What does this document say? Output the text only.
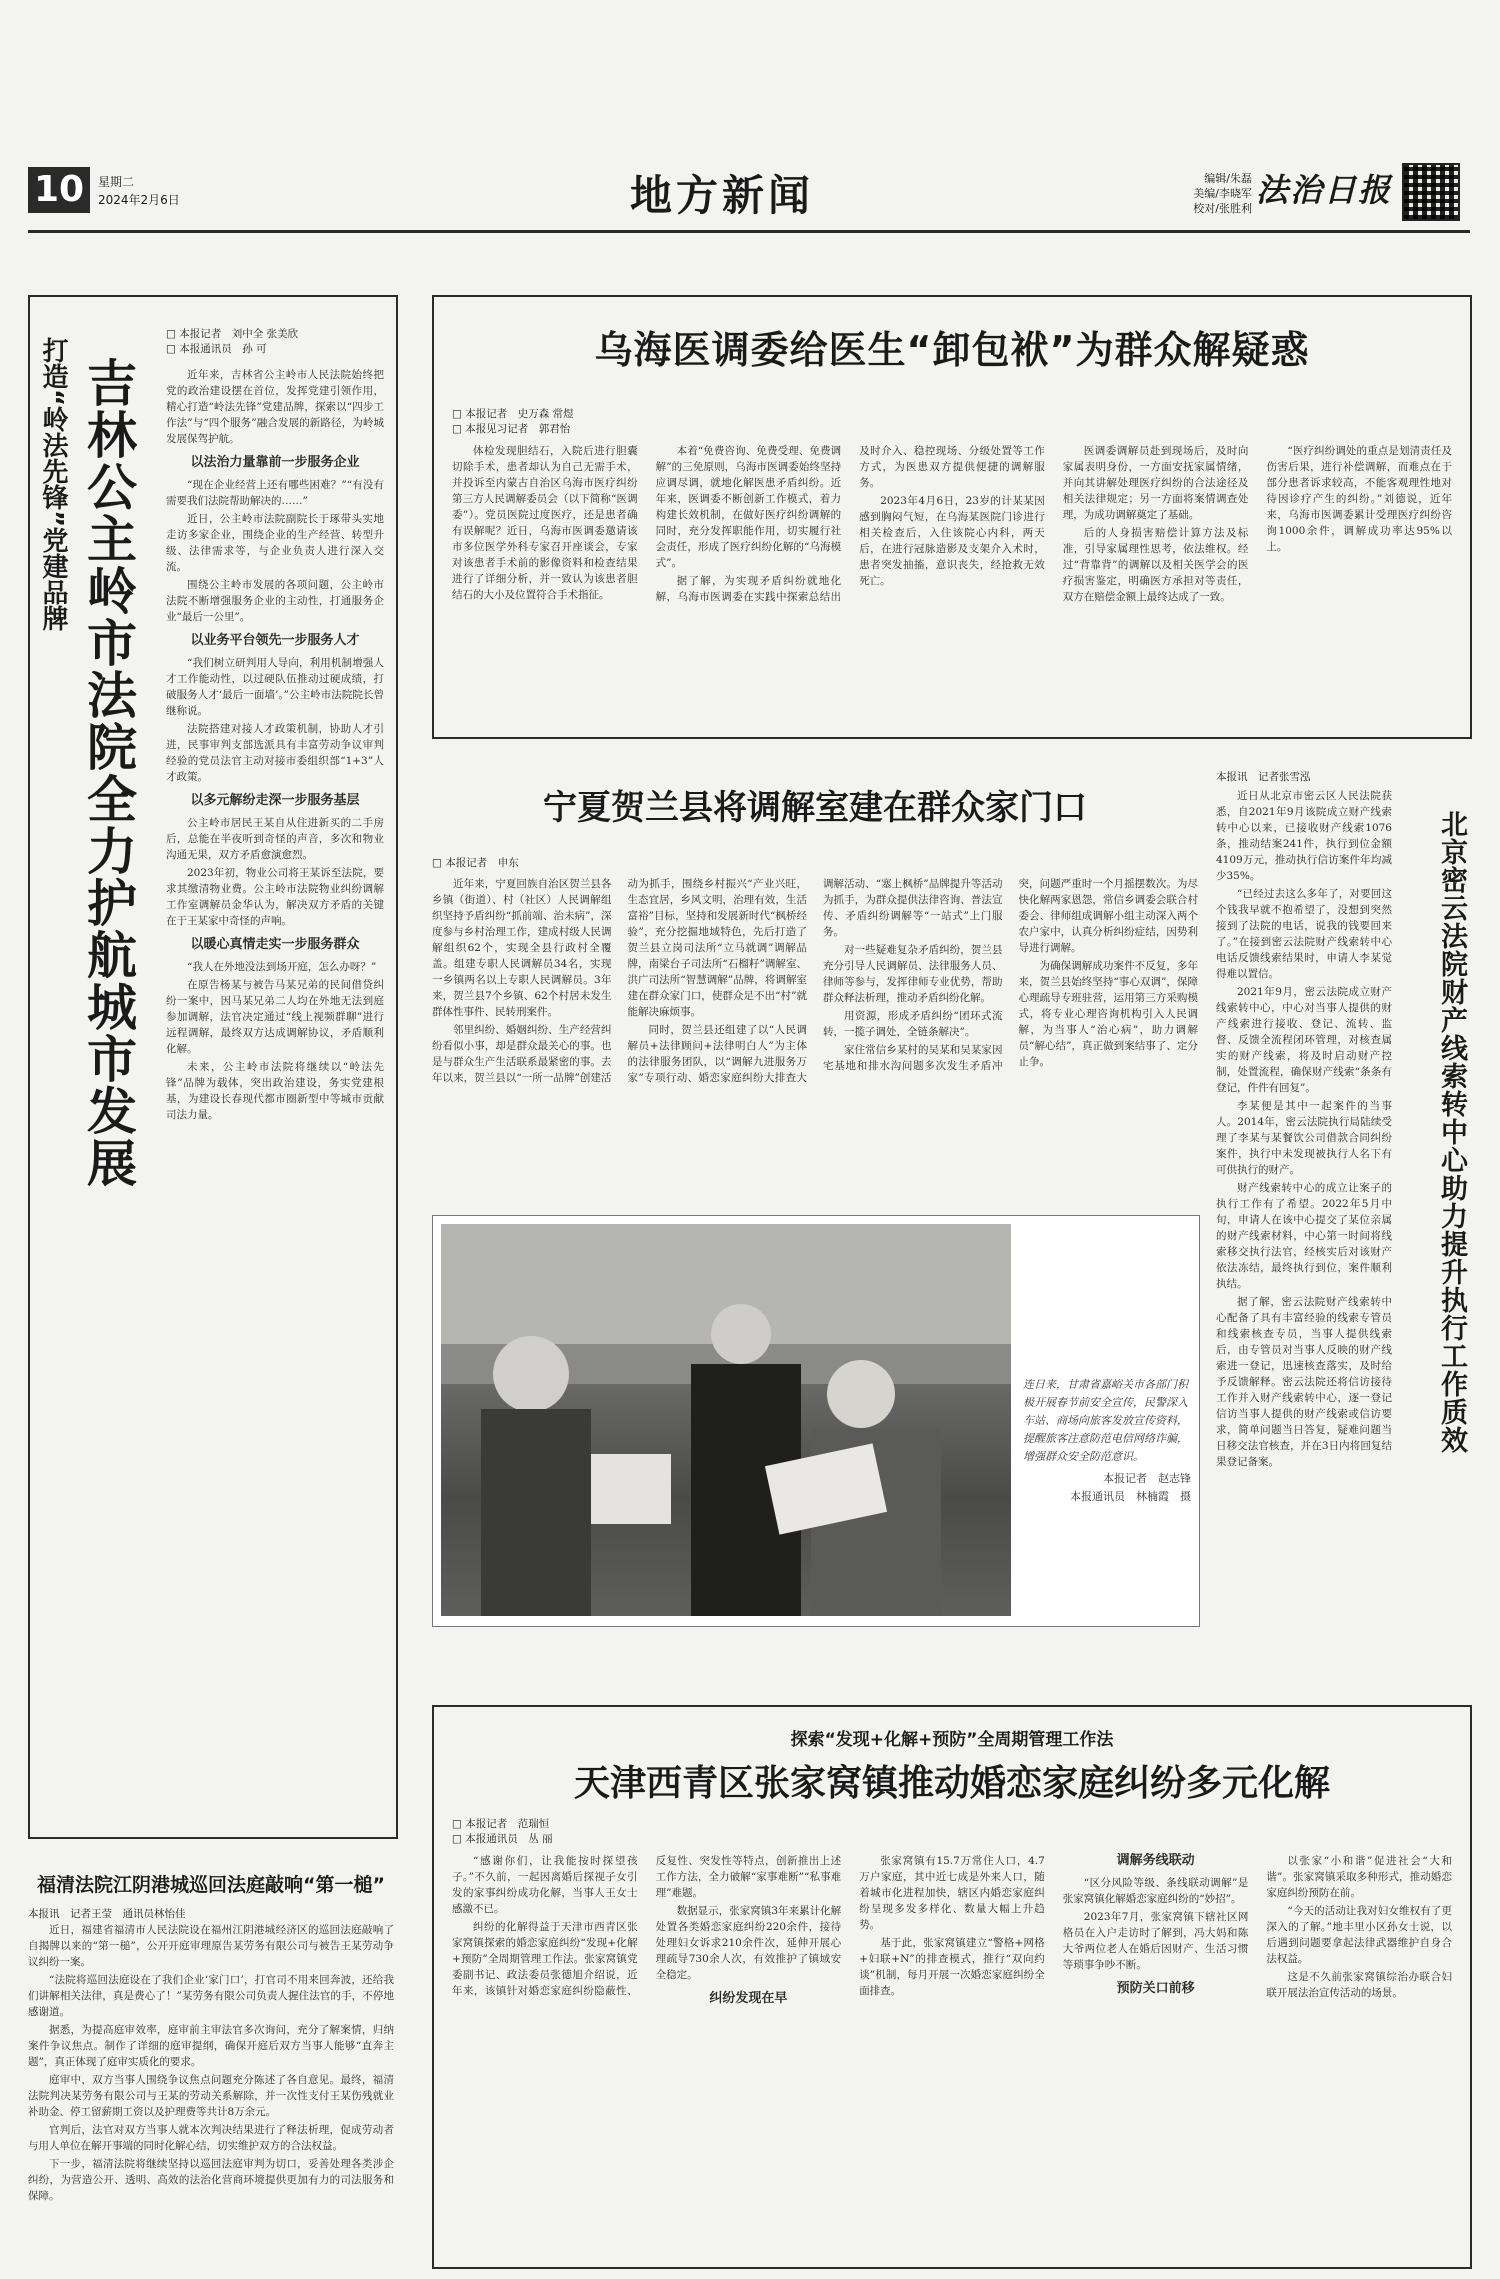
10	星期二
2024年2月6日	地方新闻	编辑/朱磊
美编/李晓军
校对/张胜利 法治日报
打造“岭法先锋”党建品牌 吉林公主岭市法院全力护航城市发展
□ 本报记者　刘中全 张美欣
□ 本报通讯员　孙 可

近年来，吉林省公主岭市人民法院始终把党的政治建设摆在首位，发挥党建引领作用，精心打造“岭法先锋”党建品牌，探索以“四步工作法”与“四个服务”融合发展的新路径，为岭城发展保驾护航。

以法治力量靠前一步服务企业

“现在企业经营上还有哪些困难？”“有没有需要我们法院帮助解决的……”

近日，公主岭市法院副院长于琢带头实地走访多家企业，围绕企业的生产经营、转型升级、法律需求等，与企业负责人进行深入交流。

围绕公主岭市发展的各项问题，公主岭市法院不断增强服务企业的主动性，打通服务企业“最后一公里”。

以业务平台领先一步服务人才

“我们树立研判用人导向，利用机制增强人才工作能动性，以过硬队伍推动过硬成绩，打破服务人才‘最后一面墙’。”公主岭市法院院长曾继称说。

法院搭建对接人才政策机制，协助人才引进，民事审判支部选派具有丰富劳动争议审判经验的党员法官主动对接市委组织部“1+3”人才政策。

以多元解纷走深一步服务基层

公主岭市居民王某自从住进新买的二手房后，总能在半夜听到奇怪的声音，多次和物业沟通无果，双方矛盾愈演愈烈。

2023年初，物业公司将王某诉至法院，要求其缴清物业费。公主岭市法院物业纠纷调解工作室调解员金华认为，解决双方矛盾的关键在于王某家中奇怪的声响。

以暖心真情走实一步服务群众

“我人在外地没法到场开庭，怎么办呀？”

在原告杨某与被告马某兄弟的民间借贷纠纷一案中，因马某兄弟二人均在外地无法到庭参加调解，法官决定通过“线上视频群聊”进行远程调解，最终双方达成调解协议，矛盾顺利化解。

未来，公主岭市法院将继续以“岭法先锋”品牌为载体，突出政治建设，务实党建根基，为建设长春现代都市圈新型中等城市贡献司法力量。

福清法院江阴港城巡回法庭敲响“第一槌”
本报讯　记者王莹　通讯员林怡佳

近日，福建省福清市人民法院设在福州江阴港城经济区的巡回法庭敲响了自揭牌以来的“第一槌”，公开开庭审理原告某劳务有限公司与被告王某劳动争议纠纷一案。

“法院将巡回法庭设在了我们企业‘家门口’，打官司不用来回奔波，还给我们讲解相关法律，真是费心了！”某劳务有限公司负责人握住法官的手，不停地感谢道。

据悉，为提高庭审效率，庭审前主审法官多次询问，充分了解案情，归纳案件争议焦点。制作了详细的庭审提纲，确保开庭后双方当事人能够“直奔主题”，真正体现了庭审实质化的要求。

庭审中，双方当事人围绕争议焦点问题充分陈述了各自意见。最终，福清法院判决某劳务有限公司与王某的劳动关系解除，并一次性支付王某伤残就业补助金、停工留薪期工资以及护理费等共计8万余元。

官判后，法官对双方当事人就本次判决结果进行了释法析理，促成劳动者与用人单位在解开事端的同时化解心结，切实维护双方的合法权益。

下一步，福清法院将继续坚持以巡回法庭审判为切口，妥善处理各类涉企纠纷，为营造公开、透明、高效的法治化营商环境提供更加有力的司法服务和保障。

乌海医调委给医生“卸包袱”为群众解疑惑
□ 本报记者　史万森 常煜
□ 本报见习记者　郭君怡

体检发现胆结石，入院后进行胆囊切除手术，患者却认为自己无需手术，并投诉至内蒙古自治区乌海市医疗纠纷第三方人民调解委员会（以下简称“医调委”）。党员医院过度医疗，还是患者确有误解呢？近日，乌海市医调委邀请该市多位医学外科专家召开座谈会，专家对该患者手术前的影像资料和检查结果进行了详细分析，并一致认为该患者胆结石的大小及位置符合手术指征。

本着“免费咨询、免费受理、免费调解”的三免原则，乌海市医调委始终坚持应调尽调，就地化解医患矛盾纠纷。近年来，医调委不断创新工作模式，着力构建长效机制，在做好医疗纠纷调解的同时，充分发挥职能作用，切实履行社会责任，形成了医疗纠纷化解的“乌海模式”。

据了解，为实现矛盾纠纷就地化解，乌海市医调委在实践中探索总结出及时介入、稳控现场、分级处置等工作方式，为医患双方提供便捷的调解服务。

2023年4月6日，23岁的计某某因感到胸闷气短，在乌海某医院门诊进行相关检查后，入住该院心内科，两天后，在进行冠脉造影及支架介入术时，患者突发抽搐，意识丧失，经抢救无效死亡。

医调委调解员赴到现场后，及时向家属表明身份，一方面安抚家属情绪，并向其讲解处理医疗纠纷的合法途径及相关法律规定；另一方面将案情调查处理，为成功调解奠定了基础。

后的人身损害赔偿计算方法及标准，引导家属理性思考，依法维权。经过“背靠背”的调解以及相关医学会的医疗损害鉴定，明确医方承担对等责任，双方在赔偿金额上最终达成了一致。

“医疗纠纷调处的重点是划清责任及伤害后果，进行补偿调解，而难点在于部分患者诉求较高，不能客观理性地对待因诊疗产生的纠纷。”刘德说，近年来，乌海市医调委累计受理医疗纠纷咨询1000余件，调解成功率达95%以上。

宁夏贺兰县将调解室建在群众家门口
□ 本报记者　申东

近年来，宁夏回族自治区贺兰县各乡镇（街道）、村（社区）人民调解组织坚持予盾纠纷“抓前端、治未病”，深度参与乡村治理工作，建成村级人民调解组织62个，实现全县行政村全覆盖。组建专职人民调解员34名，实现一乡镇两名以上专职人民调解员。3年来，贺兰县7个乡镇、62个村居未发生群体性事件、民转刑案件。

邻里纠纷、婚姻纠纷、生产经营纠纷看似小事，却是群众最关心的事。也是与群众生产生活联系最紧密的事。去年以来，贺兰县以“一所一品牌”创建活动为抓手，围绕乡村振兴“产业兴旺，生态宜居，乡风文明，治理有效，生活富裕”目标，坚持和发展新时代“枫桥经验”，充分挖掘地域特色，先后打造了贺兰县立岗司法所“立马就调”调解品牌，南梁台子司法所“石榴籽”调解室、洪广司法所“智慧调解”品牌，将调解室建在群众家门口，使群众足不出“村”就能解决麻烦事。

同时，贺兰县还组建了以“人民调解员+法律顾问+法律明白人”为主体的法律服务团队，以“调解九进服务万家”专项行动、婚恋家庭纠纷大排查大调解活动、“塞上枫桥”品牌提升等活动为抓手，为群众提供法律咨询、普法宣传、矛盾纠纷调解等“一站式”上门服务。

对一些疑难复杂矛盾纠纷，贺兰县充分引导人民调解员、法律服务人员、律师等参与，发挥律师专业优势，帮助群众释法析理，推动矛盾纠纷化解。

用资源，形成矛盾纠纷“团环式流转，一揽子调处，全链条解决”。

家住常信乡某村的吴某和吴某家因宅基地和排水沟问题多次发生矛盾冲突，问题严重时一个月摇摆数次。为尽快化解两家恩怨，常信乡调委会联合村委会、律师组成调解小组主动深入两个农户家中，认真分析纠纷症结，因势利导进行调解。

为确保调解成功案件不反复，多年来，贺兰县始终坚持“事心双调”，保障心理疏导专班驻营，运用第三方采购模式，将专业心理咨询机构引入人民调解，为当事人“治心病”，助力调解员“解心结”，真正做到案结事了、定分止争。

连日来，甘肃省嘉峪关市各部门积极开展春节前安全宣传，民警深入车站、商场向旅客发放宣传资料，提醒旅客注意防范电信网络诈骗，增强群众安全防范意识。
本报记者　赵志锋
本报通讯员　林楠霞　摄
北京密云法院财产线索转中心助力提升执行工作质效
本报讯　记者张雪泓

近日从北京市密云区人民法院获悉，自2021年9月该院成立财产线索转中心以来，已接收财产线索1076条，推动结案241件，执行到位金额4109万元，推动执行信访案件年均减少35%。

“已经过去这么多年了，对要回这个钱我早就不抱希望了，没想到突然接到了法院的电话，说我的钱要回来了。”在接到密云法院财产线索转中心电话反馈线索结果时，申请人李某觉得难以置信。

2021年9月，密云法院成立财产线索转中心，中心对当事人提供的财产线索进行接收、登记、流转、监督、反馈全流程闭环管理，对核查属实的财产线索，将及时启动财产控制，处置流程，确保财产线索“条条有登记，件件有回复”。

李某便是其中一起案件的当事人。2014年，密云法院执行局陆续受理了李某与某餐饮公司借款合同纠纷案件，执行中未发现被执行人名下有可供执行的财产。

财产线索转中心的成立让案子的执行工作有了希望。2022年5月中旬，申请人在该中心提交了某位亲属的财产线索材料，中心第一时间将线索移交执行法官，经核实后对该财产依法冻结，最终执行到位，案件顺利执结。

据了解，密云法院财产线索转中心配备了具有丰富经验的线索专管员和线索核查专员，当事人提供线索后，由专管员对当事人反映的财产线索进一登记，迅速核查落实，及时给予反馈解释。密云法院还将信访接待工作并入财产线索转中心，逐一登记信访当事人提供的财产线索或信访要求，简单问题当日答复，疑难问题当日移交法官核查，并在3日内将回复结果登记备案。

探索“发现+化解+预防”全周期管理工作法
天津西青区张家窝镇推动婚恋家庭纠纷多元化解
□ 本报记者　范瑞恒
□ 本报通讯员　丛 丽

“感谢你们，让我能按时探望孩子。”不久前，一起因离婚后探视子女引发的家事纠纷成功化解，当事人王女士感激不已。

纠纷的化解得益于天津市西青区张家窝镇探索的婚恋家庭纠纷“发现+化解+预防”全周期管理工作法。张家窝镇党委副书记、政法委员张德旭介绍说，近年来，该镇针对婚恋家庭纠纷隐蔽性、反复性、突发性等特点，创新推出上述工作方法，全力破解“家事难断”“私事难理”难题。

数据显示，张家窝镇3年来累计化解处置各类婚恋家庭纠纷220余件，接待处理妇女诉求210余件次，延伸开展心理疏导730余人次，有效推护了镇域安全稳定。

纠纷发现在早

张家窝镇有15.7万常住人口，4.7万户家庭，其中近七成是外来人口，随着城市化进程加快，辖区内婚恋家庭纠纷呈现多发多样化、数量大幅上升趋势。

基于此，张家窝镇建立“警格+网格+妇联+N”的排查模式，推行“双向约谈”机制，每月开展一次婚恋家庭纠纷全面排查。

调解务线联动

“区分风险等级、条线联动调解”是张家窝镇化解婚恋家庭纠纷的“妙招”。

2023年7月，张家窝镇下辖社区网格员在入户走访时了解到，冯大妈和陈大爷两位老人在婚后因财产、生活习惯等琐事争吵不断。

预防关口前移

以张家“小和谐”促进社会“大和谐”。张家窝镇采取多种形式，推动婚恋家庭纠纷预防在前。

“今天的活动让我对妇女维权有了更深入的了解。”地丰里小区孙女士说，以后遇到问题要拿起法律武器维护自身合法权益。

这是不久前张家窝镇综治办联合妇联开展法治宣传活动的场景。
